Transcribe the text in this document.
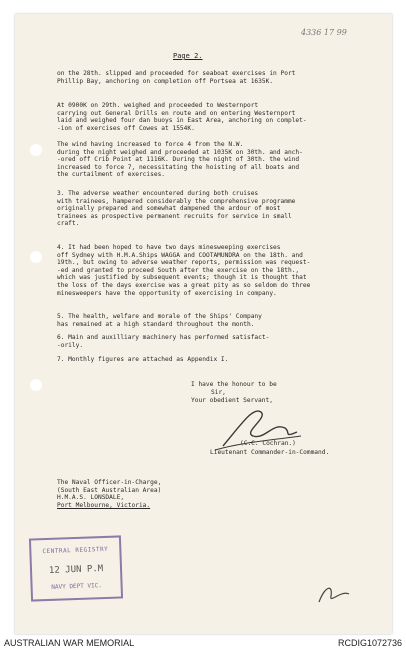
4336 17 99
Page 2.
on the 28th. slipped and proceeded for seaboat exercises in Port
Phillip Bay, anchoring on completion off Portsea at 1635K.
At 0900K on 29th. weighed and proceeded to Westernport
carrying out General Drills en route and on entering Westernport
laid and weighed four dan buoys in East Area, anchoring on complet-
-ion of exercises off Cowes at 1554K.
The wind having increased to force 4 from the N.W.
during the night weighed and proceeded at 1035K on 30th. and anch-
-ored off Crib Point at 1116K. During the night of 30th. the wind
increased to force 7, necessitating the hoisting of all boats and
the curtailment of exercises.
3. The adverse weather encountered during both cruises
with trainees, hampered considerably the comprehensive programme
originally prepared and somewhat dampened the ardour of most
trainees as prospective permanent recruits for service in small
craft.
4. It had been hoped to have two days minesweeping exercises
off Sydney with H.M.A.Ships WAGGA and COOTAMUNDRA on the 18th. and
19th., but owing to adverse weather reports, permission was request-
-ed and granted to proceed South after the exercise on the 18th.,
which was justified by subsequent events; though it is thought that
the loss of the days exercise was a great pity as so seldom do three
minesweepers have the opportunity of exercising in company.
5. The health, welfare and morale of the Ships' Company
has remained at a high standard throughout the month.
6. Main and auxilliary machinery has performed satisfact-
-orily.
7. Monthly figures are attached as Appendix I.
I have the honour to be
Sir,
Your obedient Servant,
(C.C. Cochran.)
Lieutenant Commander-in-Command.
The Naval Officer-in-Charge,
(South East Australian Area)
H.M.A.S. LONSDALE,
Port Melbourne, Victoria.
CENTRAL REGISTRY
12 JUN P.M
NAVY DEPT VIC.
AUSTRALIAN WAR MEMORIAL	RCDIG1072736
